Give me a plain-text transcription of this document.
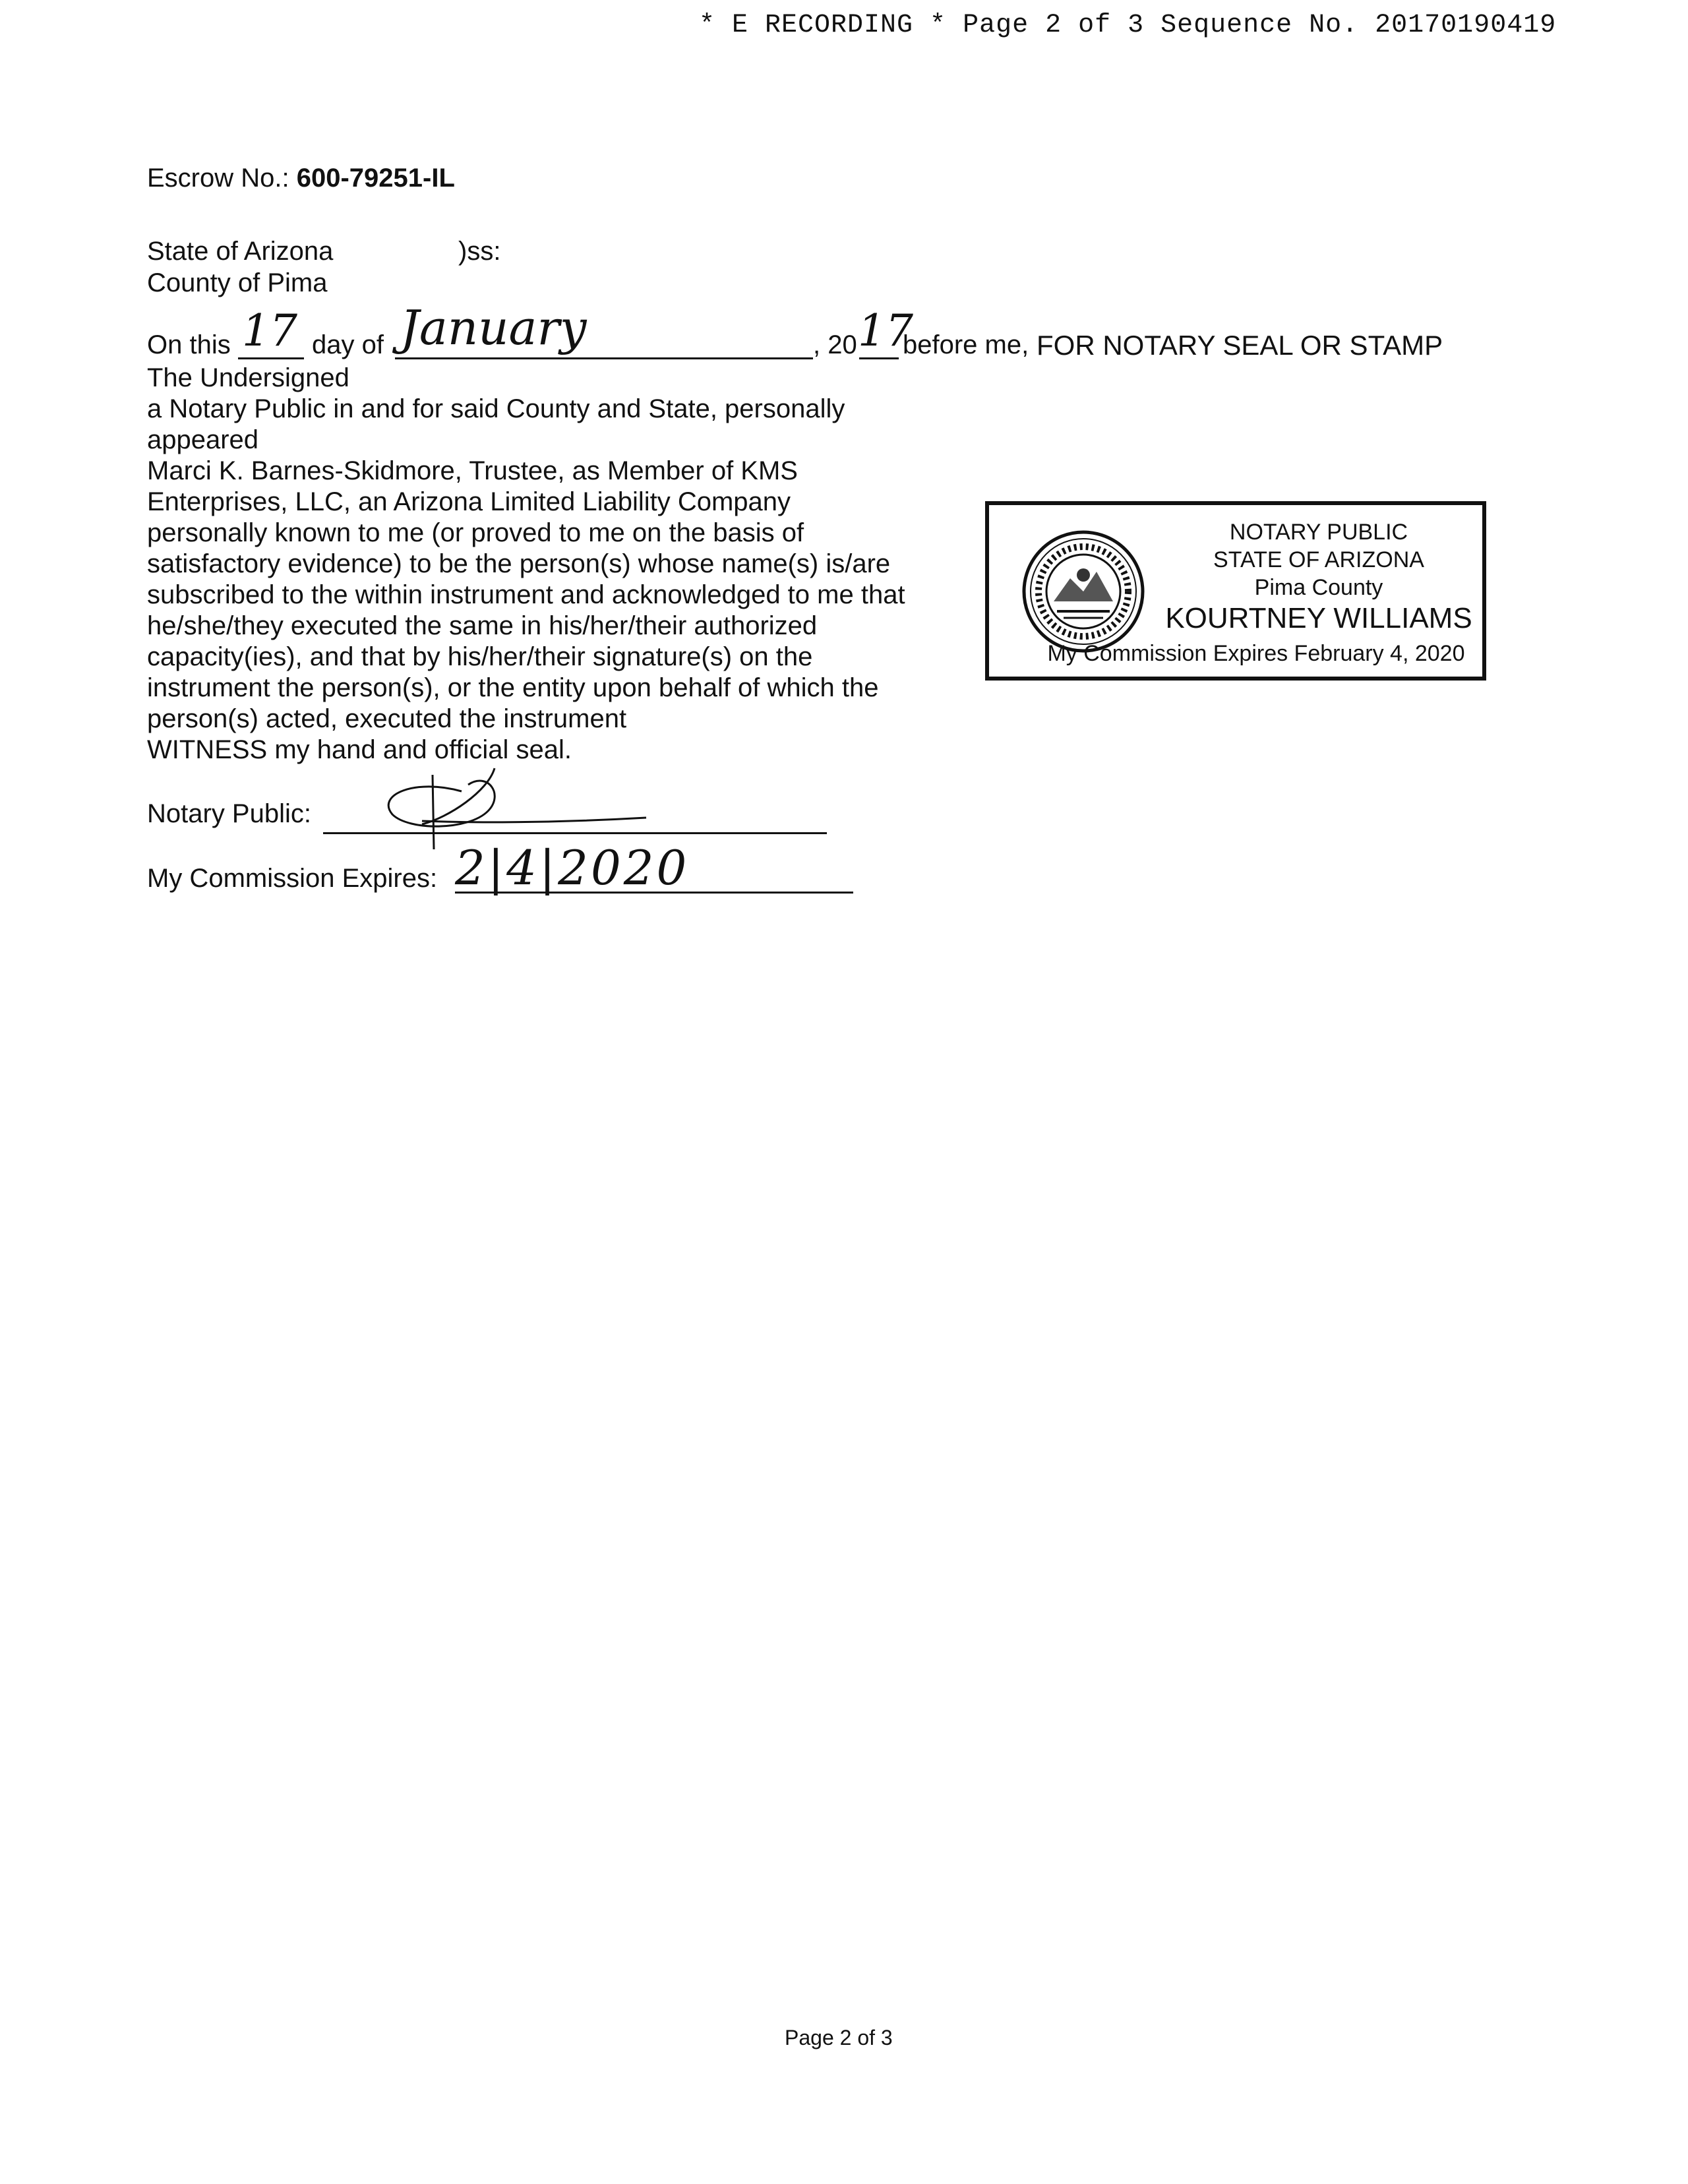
* E RECORDING * Page 2 of 3 Sequence No. 20170190419
Escrow No.: 600-79251-IL
State of Arizona	)ss:
County of Pima
On this 17 day of January	, 20 17
before me,
The Undersigned
a Notary Public in and for said County and State, personally
appeared
Marci K. Barnes-Skidmore, Trustee, as Member of KMS
Enterprises, LLC, an Arizona Limited Liability Company
personally known to me (or proved to me on the basis of
satisfactory evidence) to be the person(s) whose name(s) is/are
subscribed to the within instrument and acknowledged to me that
he/she/they executed the same in his/her/their authorized
capacity(ies), and that by his/her/their signature(s) on the
instrument the person(s), or the entity upon behalf of which the
person(s) acted, executed the instrument
WITNESS my hand and official seal.
Notary Public:
My Commission Expires: 2|4|2020
FOR NOTARY SEAL OR STAMP
NOTARY PUBLIC
STATE OF ARIZONA
Pima County
KOURTNEY WILLIAMS
My Commission Expires February 4, 2020
Page 2 of 3
